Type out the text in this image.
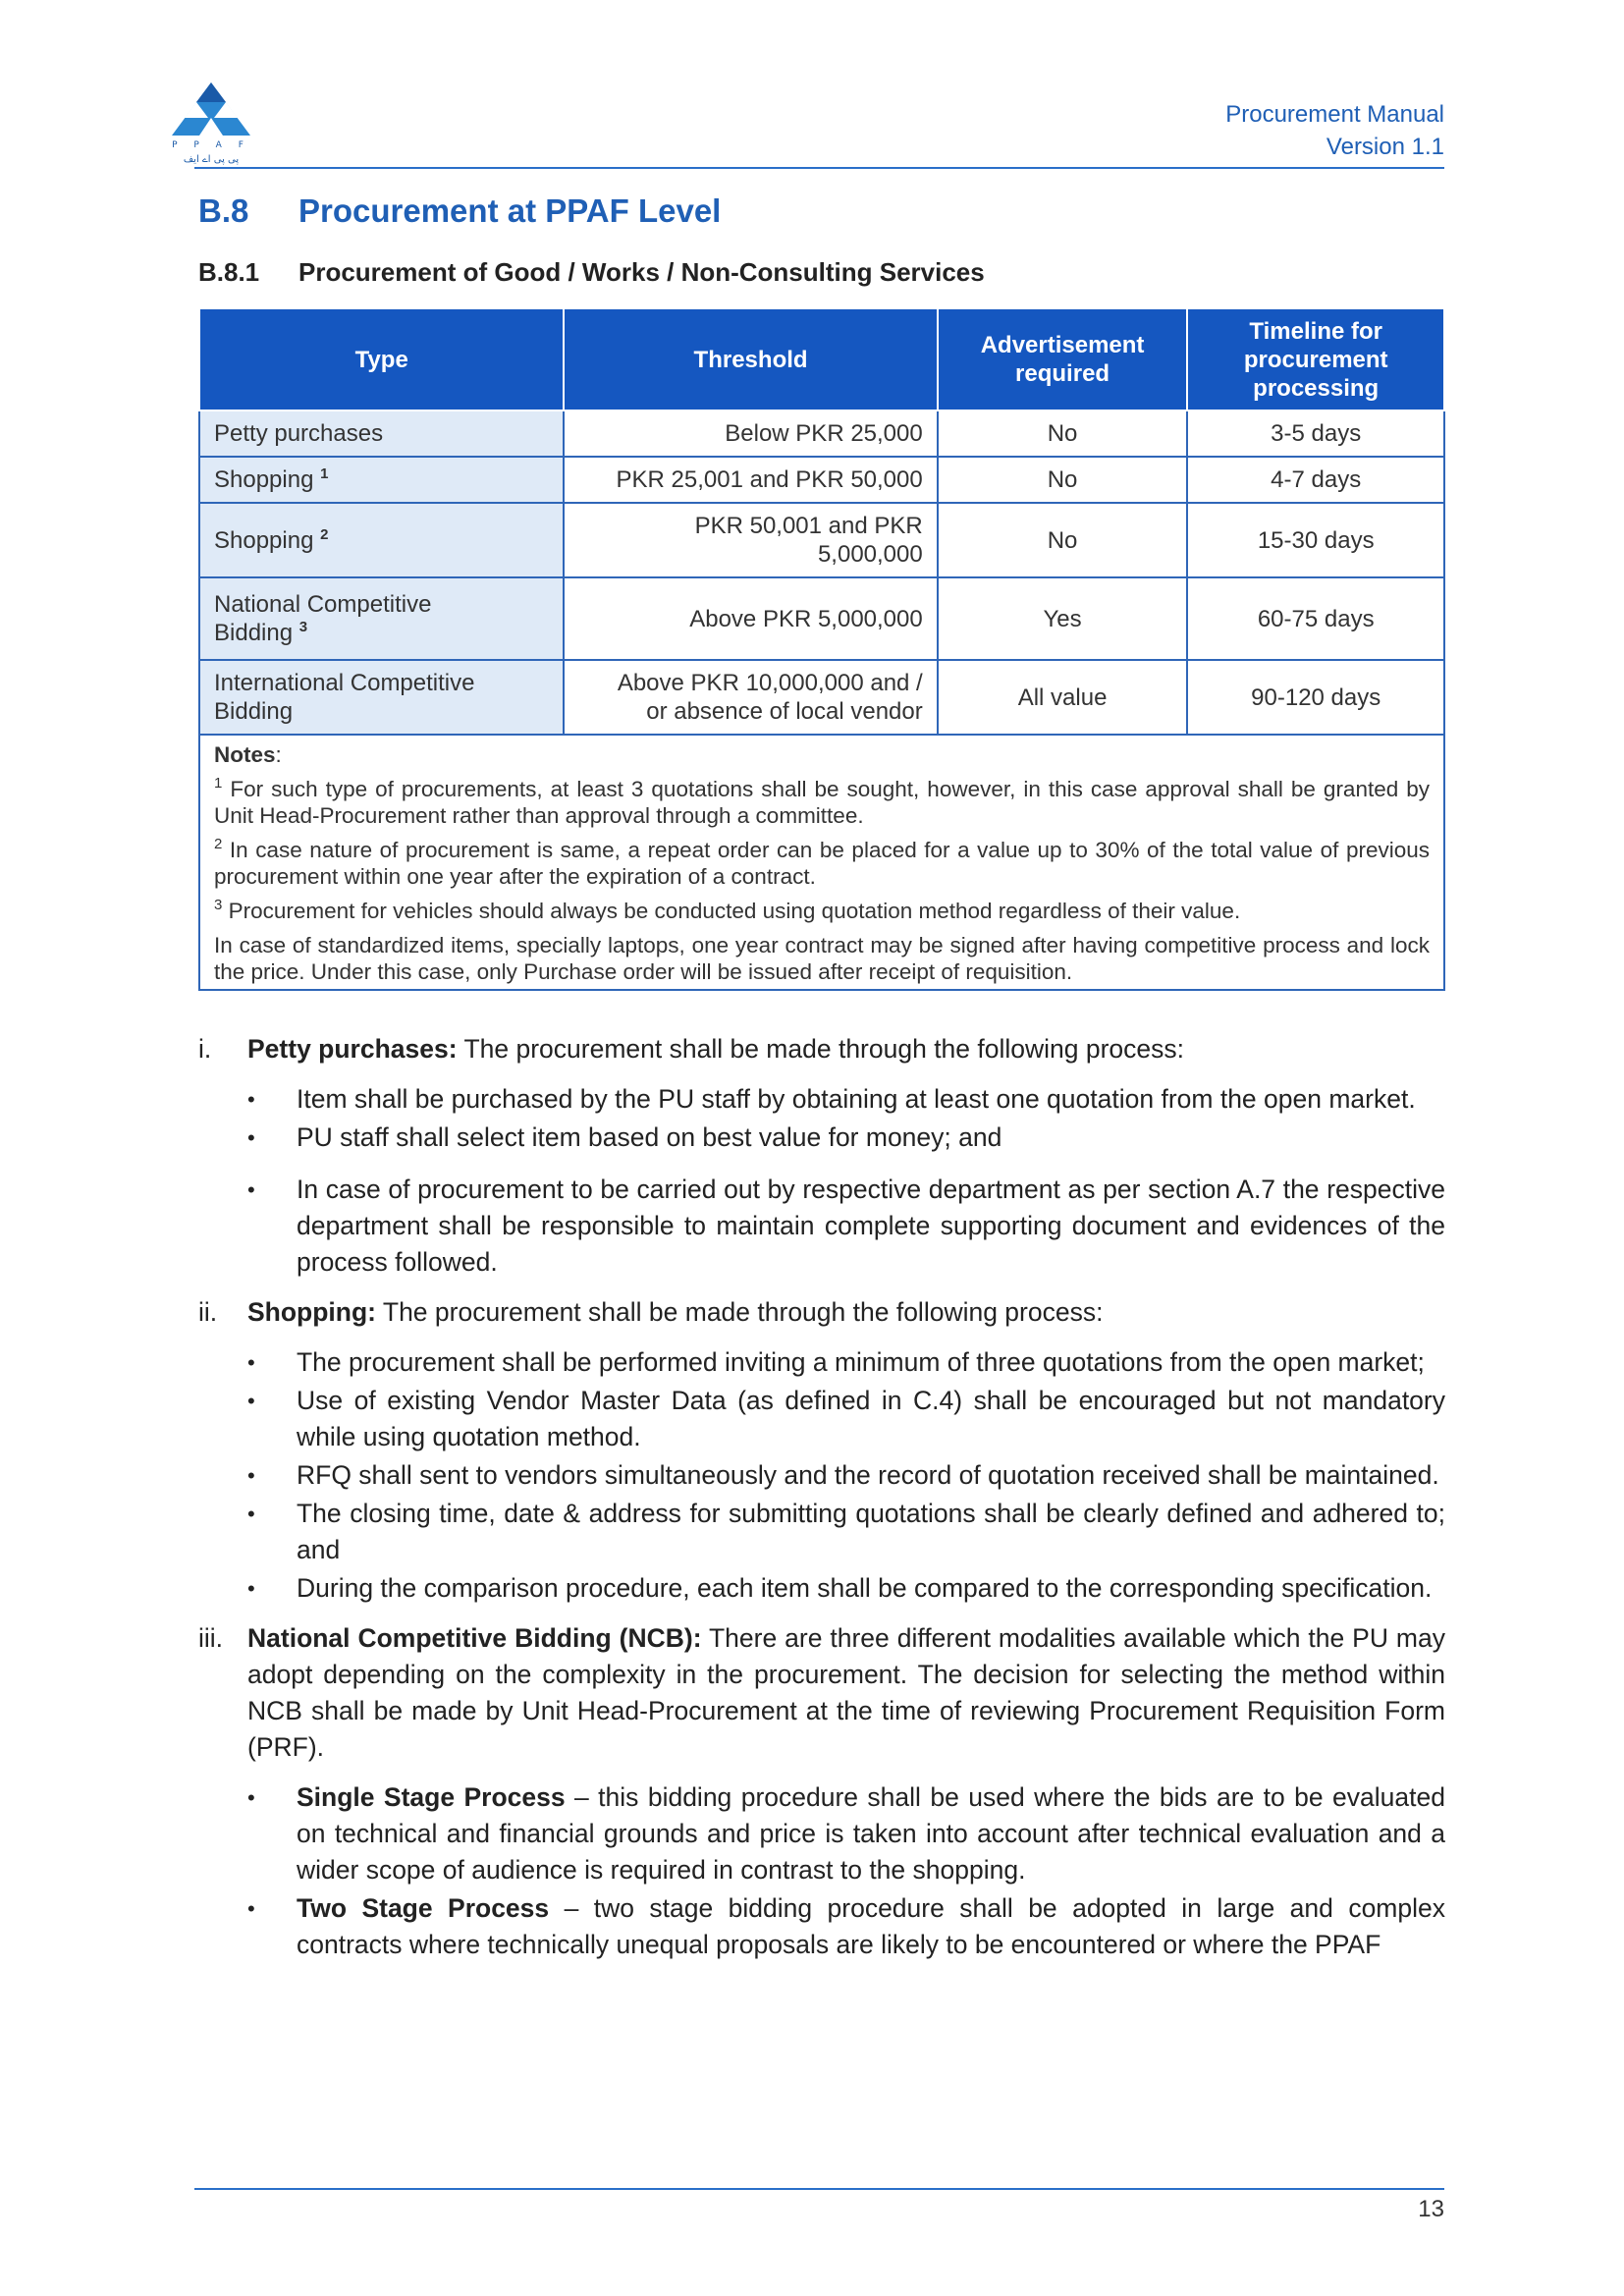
P P A F
پی پی اے ایف
Procurement Manual
Version 1.1
B.8	Procurement at PPAF Level
B.8.1	Procurement of Good / Works / Non-Consulting Services
Type	Threshold	Advertisement required	Timeline for procurement processing
Petty purchases	Below PKR 25,000	No	3-5 days
Shopping $^1$	PKR 25,001 and PKR 50,000	No	4-7 days
Shopping $^2$	PKR 50,001 and PKR 5,000,000	No	15-30 days

National Competitive Bidding $^3$	Above PKR 5,000,000	Yes	60-75 days

International Competitive Bidding	Above PKR 10,000,000 and / or absence of local vendor	All value	90-120 days

Notes:

$^1$ For such type of procurements, at least 3 quotations shall be sought, however, in this case approval shall be granted by Unit Head-Procurement rather than approval through a committee.

$^2$ In case nature of procurement is same, a repeat order can be placed for a value up to 30% of the total value of previous procurement within one year after the expiration of a contract.

$^3$ Procurement for vehicles should always be conducted using quotation method regardless of their value.

In case of standardized items, specially laptops, one year contract may be signed after having competitive process and lock the price. Under this case, only Purchase order will be issued after receipt of requisition.			

i.	Petty purchases: The procurement shall be made through the following process:
•	Item shall be purchased by the PU staff by obtaining at least one quotation from the open market.
•	PU staff shall select item based on best value for money; and
•	In case of procurement to be carried out by respective department as per section A.7 the respective department shall be responsible to maintain complete supporting document and evidences of the process followed.
ii.	Shopping: The procurement shall be made through the following process:
•	The procurement shall be performed inviting a minimum of three quotations from the open market;
•	Use of existing Vendor Master Data (as defined in C.4) shall be encouraged but not mandatory while using quotation method.
•	RFQ shall sent to vendors simultaneously and the record of quotation received shall be maintained.
•	The closing time, date & address for submitting quotations shall be clearly defined and adhered to; and
•	During the comparison procedure, each item shall be compared to the corresponding specification.
iii. National Competitive Bidding (NCB): There are three different modalities available which the PU may adopt depending on the complexity in the procurement. The decision for selecting the method within NCB shall be made by Unit Head-Procurement at the time of reviewing Procurement Requisition Form (PRF).
•	Single Stage Process – this bidding procedure shall be used where the bids are to be evaluated on technical and financial grounds and price is taken into account after technical evaluation and a wider scope of audience is required in contrast to the shopping.
•	Two Stage Process – two stage bidding procedure shall be adopted in large and complex contracts where technically unequal proposals are likely to be encountered or where the PPAF
13
